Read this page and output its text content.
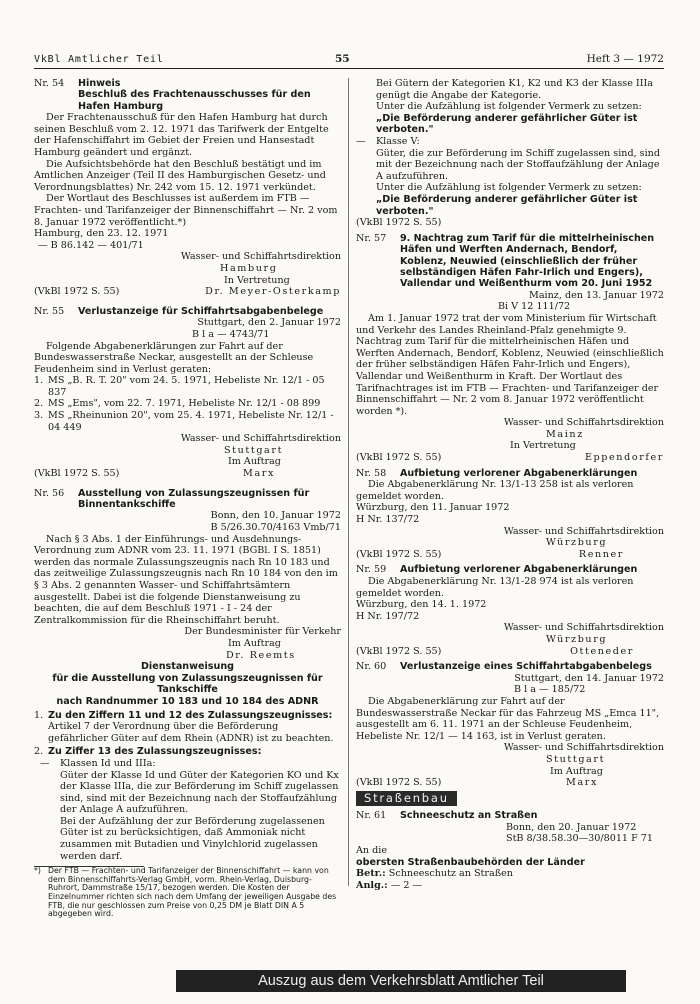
VkBl Amtlicher Teil	55	Heft 3 — 1972
Nr. 54	Hinweis
Beschluß des Frachtenausschusses für den Hafen Hamburg

Der Frachtenausschuß für den Hafen Hamburg hat durch seinen Beschluß vom 2. 12. 1971 das Tarifwerk der Entgelte der Hafenschiffahrt im Gebiet der Freien und Hansestadt Hamburg geändert und ergänzt.

Die Aufsichtsbehörde hat den Beschluß bestätigt und im Amtlichen Anzeiger (Teil II des Hamburgischen Gesetz- und Verordnungsblattes) Nr. 242 vom 15. 12. 1971 verkündet.

Der Wortlaut des Beschlusses ist außerdem im FTB — Frachten- und Tarifanzeiger der Binnenschiffahrt — Nr. 2 vom 8. Januar 1972 veröffentlicht.*)

Hamburg, den 23. 12. 1971

— B 86.142 — 401/71

Wasser- und Schiffahrtsdirektion

Hamburg

In Vertretung

(VkBl 1972 S. 55)	Dr. Meyer-Osterkamp
Nr. 55	Verlustanzeige für Schiffahrtsabgabenbelege

Stuttgart, den 2. Januar 1972

B l a — 4743/71

Folgende Abgabenerklärungen zur Fahrt auf der Bundeswasserstraße Neckar, ausgestellt an der Schleuse Feudenheim sind in Verlust geraten:

1. MS „B. R. T. 20" vom 24. 5. 1971, Hebeliste Nr. 12/1 - 05 837
2. MS „Ems", vom 22. 7. 1971, Hebeliste Nr. 12/1 - 08 899
3. MS „Rheinunion 20", vom 25. 4. 1971, Hebeliste Nr. 12/1 - 04 449

Wasser- und Schiffahrtsdirektion

Stuttgart

Im Auftrag

(VkBl 1972 S. 55)	Marx
Nr. 56	Ausstellung von Zulassungszeugnissen für Binnentankschiffe

Bonn, den 10. Januar 1972

B 5/26.30.70/4163 Vmb/71

Nach § 3 Abs. 1 der Einführungs- und Ausdehnungs-Verordnung zum ADNR vom 23. 11. 1971 (BGBl. I S. 1851) werden das normale Zulassungszeugnis nach Rn 10 183 und das zeitweilige Zulassungszeugnis nach Rn 10 184 von den im § 3 Abs. 2 genannten Wasser- und Schiffahrtsämtern ausgestellt. Dabei ist die folgende Dienstanweisung zu beachten, die auf dem Beschluß 1971 - I - 24 der Zentralkommission für die Rheinschiffahrt beruht.

Der Bundesminister für Verkehr

Im Auftrag

Dr. Reemts

Dienstanweisung

für die Ausstellung von Zulassungszeugnissen für Tankschiffe

nach Randnummer 10 183 und 10 184 des ADNR

1. Zu den Ziffern 11 und 12 des Zulassungszeugnisses:

Artikel 7 der Verordnung über die Beförderung gefährlicher Güter auf dem Rhein (ADNR) ist zu beachten.

2. Zu Ziffer 13 des Zulassungszeugnisses:
—	Klassen Id und IIIa:

Güter der Klasse Id und Güter der Kategorien KO und Kx der Klasse IIIa, die zur Beförderung im Schiff zugelassen sind, sind mit der Bezeichnung nach der Stoffaufzählung der Anlage A aufzuführen.

Bei der Aufzählung der zur Beförderung zugelassenen Güter ist zu berücksichtigen, daß Ammoniak nicht zusammen mit Butadien und Vinylchlorid zugelassen werden darf.

*) Der FTB — Frachten- und Tarifanzeiger der Binnenschiffahrt — kann von dem Binnenschiffahrts-Verlag GmbH, vorm. Rhein-Verlag, Duisburg-Ruhrort, Dammstraße 15/17, bezogen werden. Die Kosten der Einzelnummer richten sich nach dem Umfang der jeweiligen Ausgabe des FTB, die nur geschlossen zum Preise von 0,25 DM je Blatt DIN A 5 abgegeben wird.

Bei Gütern der Kategorien K1, K2 und K3 der Klasse IIIa genügt die Angabe der Kategorie.

Unter die Aufzählung ist folgender Vermerk zu setzen:

„Die Beförderung anderer gefährlicher Güter ist verboten."

—	Klasse V:

Güter, die zur Beförderung im Schiff zugelassen sind, sind mit der Bezeichnung nach der Stoffaufzählung der Anlage A aufzuführen.

Unter die Aufzählung ist folgender Vermerk zu setzen:

„Die Beförderung anderer gefährlicher Güter ist verboten."

(VkBl 1972 S. 55)

Nr. 57	9. Nachtrag zum Tarif für die mittelrheinischen Häfen und Werften Andernach, Bendorf, Koblenz, Neuwied (einschließlich der früher selbständigen Häfen Fahr-Irlich und Engers), Vallendar und Weißenthurm vom 20. Juni 1952

Mainz, den 13. Januar 1972

Bi V 12 111/72

Am 1. Januar 1972 trat der vom Ministerium für Wirtschaft und Verkehr des Landes Rheinland-Pfalz genehmigte 9. Nachtrag zum Tarif für die mittelrheinischen Häfen und Werften Andernach, Bendorf, Koblenz, Neuwied (einschließlich der früher selbständigen Häfen Fahr-Irlich und Engers), Vallendar und Weißenthurm in Kraft. Der Wortlaut des Tarifnachtrages ist im FTB — Frachten- und Tarifanzeiger der Binnenschiffahrt — Nr. 2 vom 8. Januar 1972 veröffentlicht worden *).

Wasser- und Schiffahrtsdirektion

Mainz

In Vertretung

(VkBl 1972 S. 55)	Eppendorfer
Nr. 58	Aufbietung verlorener Abgabenerklärungen

Die Abgabenerklärung Nr. 13/1-13 258 ist als verloren gemeldet worden.

Würzburg, den 11. Januar 1972

H Nr. 137/72

Wasser- und Schiffahrtsdirektion

Würzburg

(VkBl 1972 S. 55)	Renner
Nr. 59	Aufbietung verlorener Abgabenerklärungen

Die Abgabenerklärung Nr. 13/1-28 974 ist als verloren gemeldet worden.

Würzburg, den 14. 1. 1972

H Nr. 197/72

Wasser- und Schiffahrtsdirektion

Würzburg

(VkBl 1972 S. 55)	Otteneder
Nr. 60	Verlustanzeige eines Schiffahrtabgabenbelegs

Stuttgart, den 14. Januar 1972

B l a — 185/72

Die Abgabenerklärung zur Fahrt auf der Bundeswasserstraße Neckar für das Fahrzeug MS „Emca 11", ausgestellt am 6. 11. 1971 an der Schleuse Feudenheim, Hebeliste Nr. 12/1 — 14 163, ist in Verlust geraten.

Wasser- und Schiffahrtsdirektion

Stuttgart

Im Auftrag

(VkBl 1972 S. 55)	Marx
Straßenbau
Nr. 61	Schneeschutz an Straßen

Bonn, den 20. Januar 1972

StB 8/38.58.30—30/8011 F 71

An die

obersten Straßenbaubehörden der Länder

Betr.: Schneeschutz an Straßen

Anlg.: — 2 —

Auszug aus dem Verkehrsblatt Amtlicher Teil
